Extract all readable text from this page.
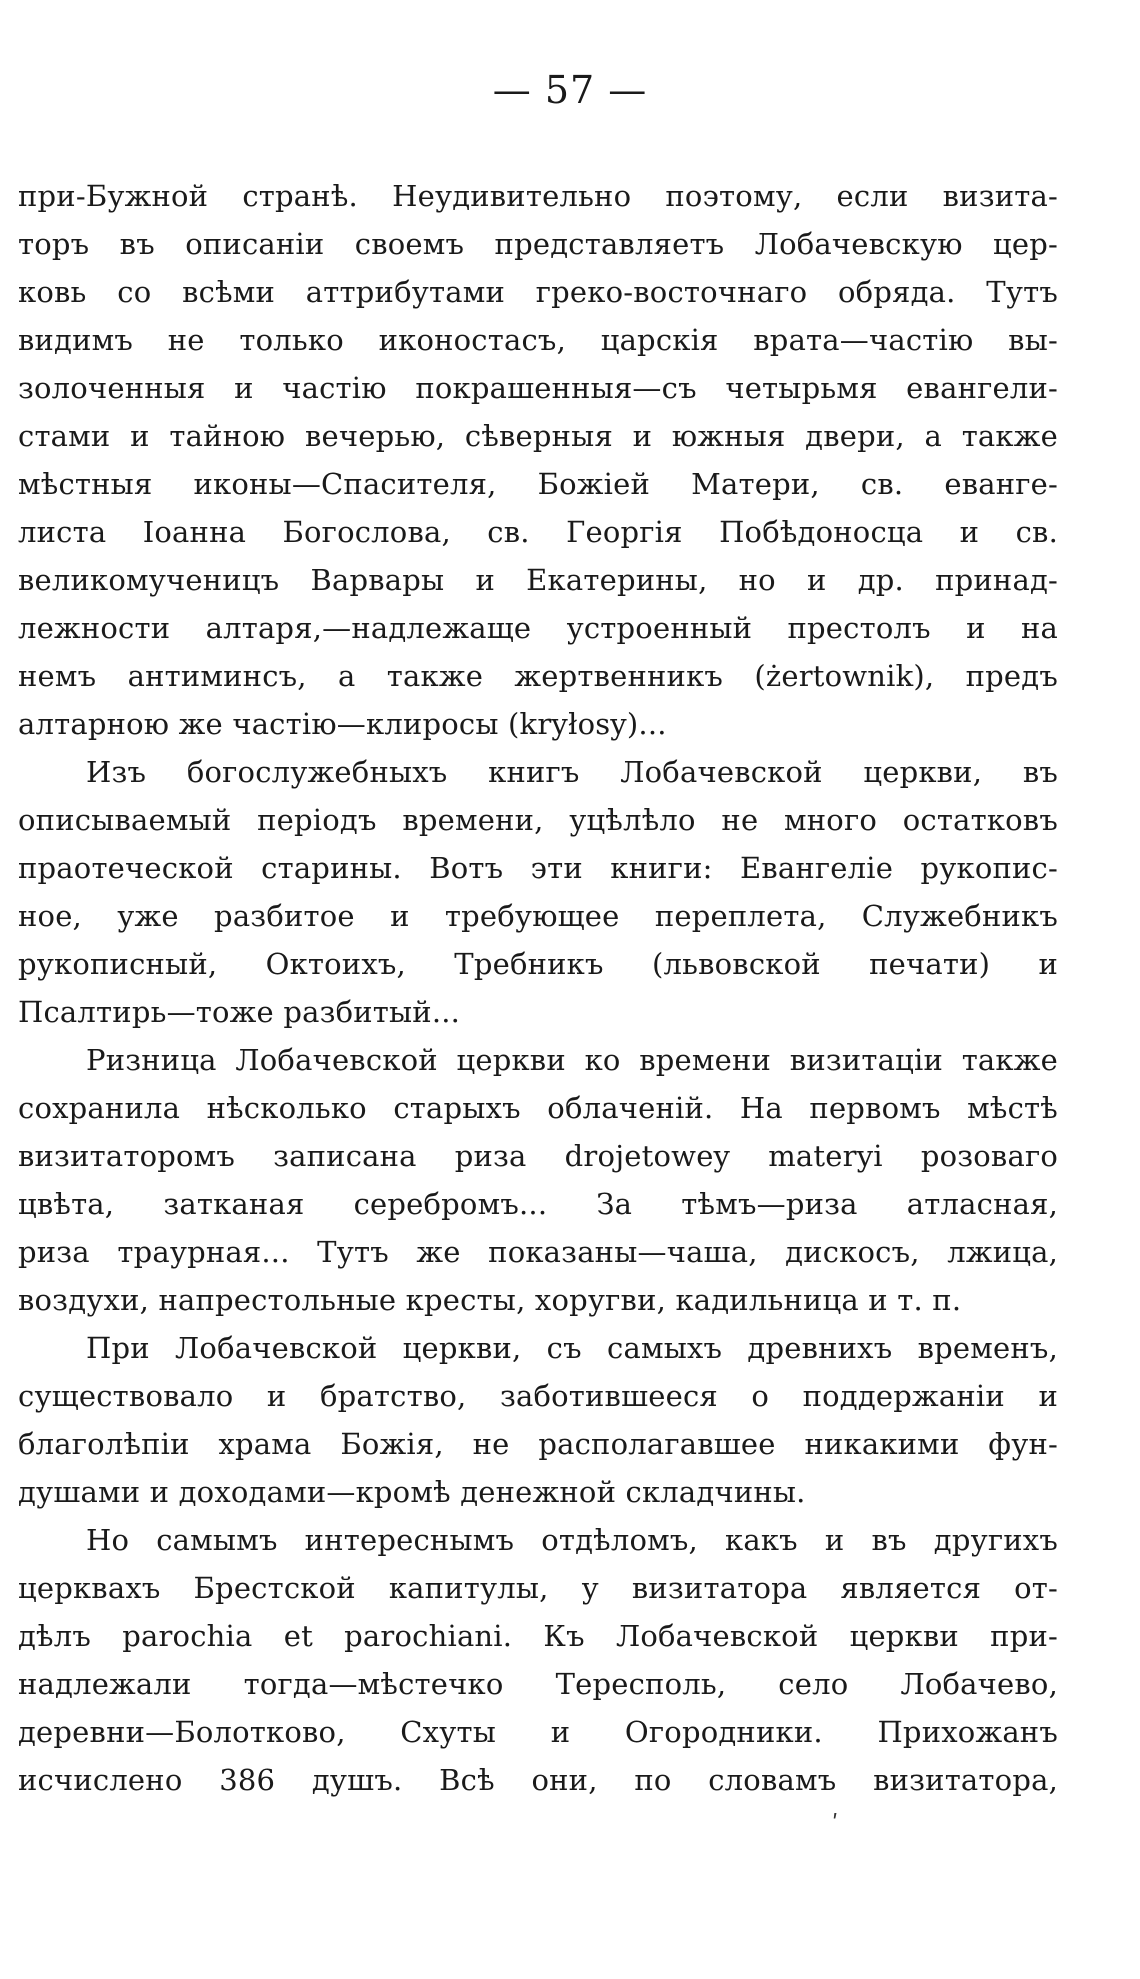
— 57 —
при-Бужной странѣ. Неудивительно поэтому, если визита-
торъ въ описаніи своемъ представляетъ Лобачевскую цер-
ковь со всѣми аттрибутами греко-восточнаго обряда. Тутъ
видимъ не только иконостасъ, царскія врата—частію вы-
золоченныя и частію покрашенныя—съ четырьмя евангели-
стами и тайною вечерью, сѣверныя и южныя двери, а также
мѣстныя иконы—Спасителя, Божіей Матери, св. еванге-
листа Іоанна Богослова, св. Георгія Побѣдоносца и св.
великомучeницъ Варвары и Екатерины, но и др. принад-
лежности алтаря,—надлежаще устроенный престолъ и на
немъ антиминсъ, а также жертвенникъ (żertownik), предъ
алтарною же частію—клиросы (kryłosy)...
Изъ богослужебныхъ книгъ Лобачевской церкви, въ
описываемый періодъ времени, уцѣлѣло не много остатковъ
праотеческой старины. Вотъ эти книги: Евангеліе рукопис-
ное, уже разбитое и требующее переплета, Служебникъ
рукописный, Октоихъ, Требникъ (львовской печати) и
Псалтирь—тоже разбитый...
Ризница Лобачевской церкви ко времени визитаціи также
сохранила нѣсколько старыхъ облаченій. На первомъ мѣстѣ
визитаторомъ записана риза drojetowey materyi розоваго
цвѣта, затканая серебромъ... За тѣмъ—риза атласная,
риза траурная... Тутъ же показаны—чаша, дискосъ, лжица,
воздухи, напрестольные кресты, хоругви, кадильница и т. п.
При Лобачевской церкви, съ самыхъ древнихъ временъ,
существовало и братство, заботившееся о поддержаніи и
благолѣпіи храма Божія, не располагавшее никакими фун-
душами и доходами—кромѣ денежной складчины.
Но самымъ интереснымъ отдѣломъ, какъ и въ другихъ
церквахъ Брестской капитулы, у визитатора является от-
дѣлъ parochia et parochiani. Къ Лобачевской церкви при-
надлежали тогда—мѣстечко Тересполь, село Лобачево,
деревни—Болотково, Схуты и Огородники. Прихожанъ
исчислено 386 душъ. Всѣ они, по словамъ визитатора,
ʹ
